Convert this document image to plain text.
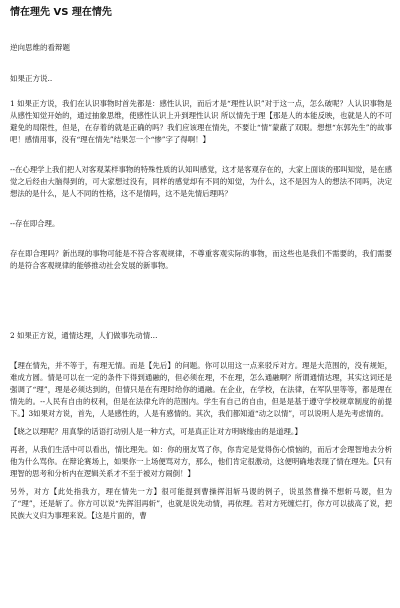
情在理先 VS 理在情先
逆向思维的看辩题
如果正方说..

1 如果正方说，我们在认识事物时首先都是：感性认识，而后才是“理性认识”对于这一点，怎么破呢？人认识事物是从感性知觉开始的，通过抽象思维，使感性认识上升到理性认识 所以情先于理【那是人的本能反映，也就是人的不可避免的局限性，但是，在存着的就是正确的吗？我们应该理在情先，不要让“情”蒙蔽了双眼。想想“东郭先生”的故事吧！感情用事，没有“理在情先”结果怎一个“惨”字了得啊！】

--在心理学上我们把人对客观某样事物的特殊性质的认知叫感觉，这才是客观存在的，大家上面谈的那叫知觉，是在感觉之后经由大脑得到的，可大家想过没有，同样的感觉却有不同的知觉，为什么，这不是因为人的想法不同吗，决定想法的是什么，是人不同的性格，这不是情吗，这不是先情后理吗？

--存在即合理。

存在即合理吗？新出现的事物可能是不符合客观规律，不尊重客观实际的事物，而这些也是我们不需要的，我们需要的是符合客观规律的能够推动社会发展的新事物。

2 如果正方说，通情达理，人们做事先动情…

【理在情先，并不等于，有理无情。而是【先后】的问题。你可以用这一点来驳斥对方。理是大范围的，没有规矩，难成方圆。情是可以在一定的条件下得到通融的，但必须在理，不在理，怎么通融啊？所谓通情达理，其实这词还是强调了“理”，理是必须达到的，但情只是在有理时给你的通融。在企业，在学校，在法律，在军队里等等，都是理在情先的。--人民有自由的权利，但是在法律允许的范围内。学生有自己的自由，但是是基于遵守学校规章制度的前提下。】3如果对方说，首先，人是感性的，人是有感情的。其次，我们都知道“动之以情”，可以说明人是先考虑情的。

【晓之以理呢？用真挚的话语打动别人是一种方式，可是真正让对方明晓缘由的是道理。】

再者，从我们生活中可以看出，情比理先。如：你的朋友骂了你，你肯定是觉得伤心愤恼的，而后才会理智地去分析他为什么骂你。在辩论赛场上，如果你一上场便骂对方，那么，他们肯定很激动，这便明确地表现了情在理先。【只有理智的思考和分析内在逻辑关系才不至于被对方闹倒！】

另外，对方【此处指我方，理在情先一方】很可能提到曹操挥泪斩马谡的例子，说虽然曹操不想斩马谡，但为了“理”，还是斩了。你方可以说“先挥泪再斩”，也就是说先动情，再依理。若对方死缠烂打，你方可以拔高了说，把民族大义归为事理来说。【这是片面的，曹
